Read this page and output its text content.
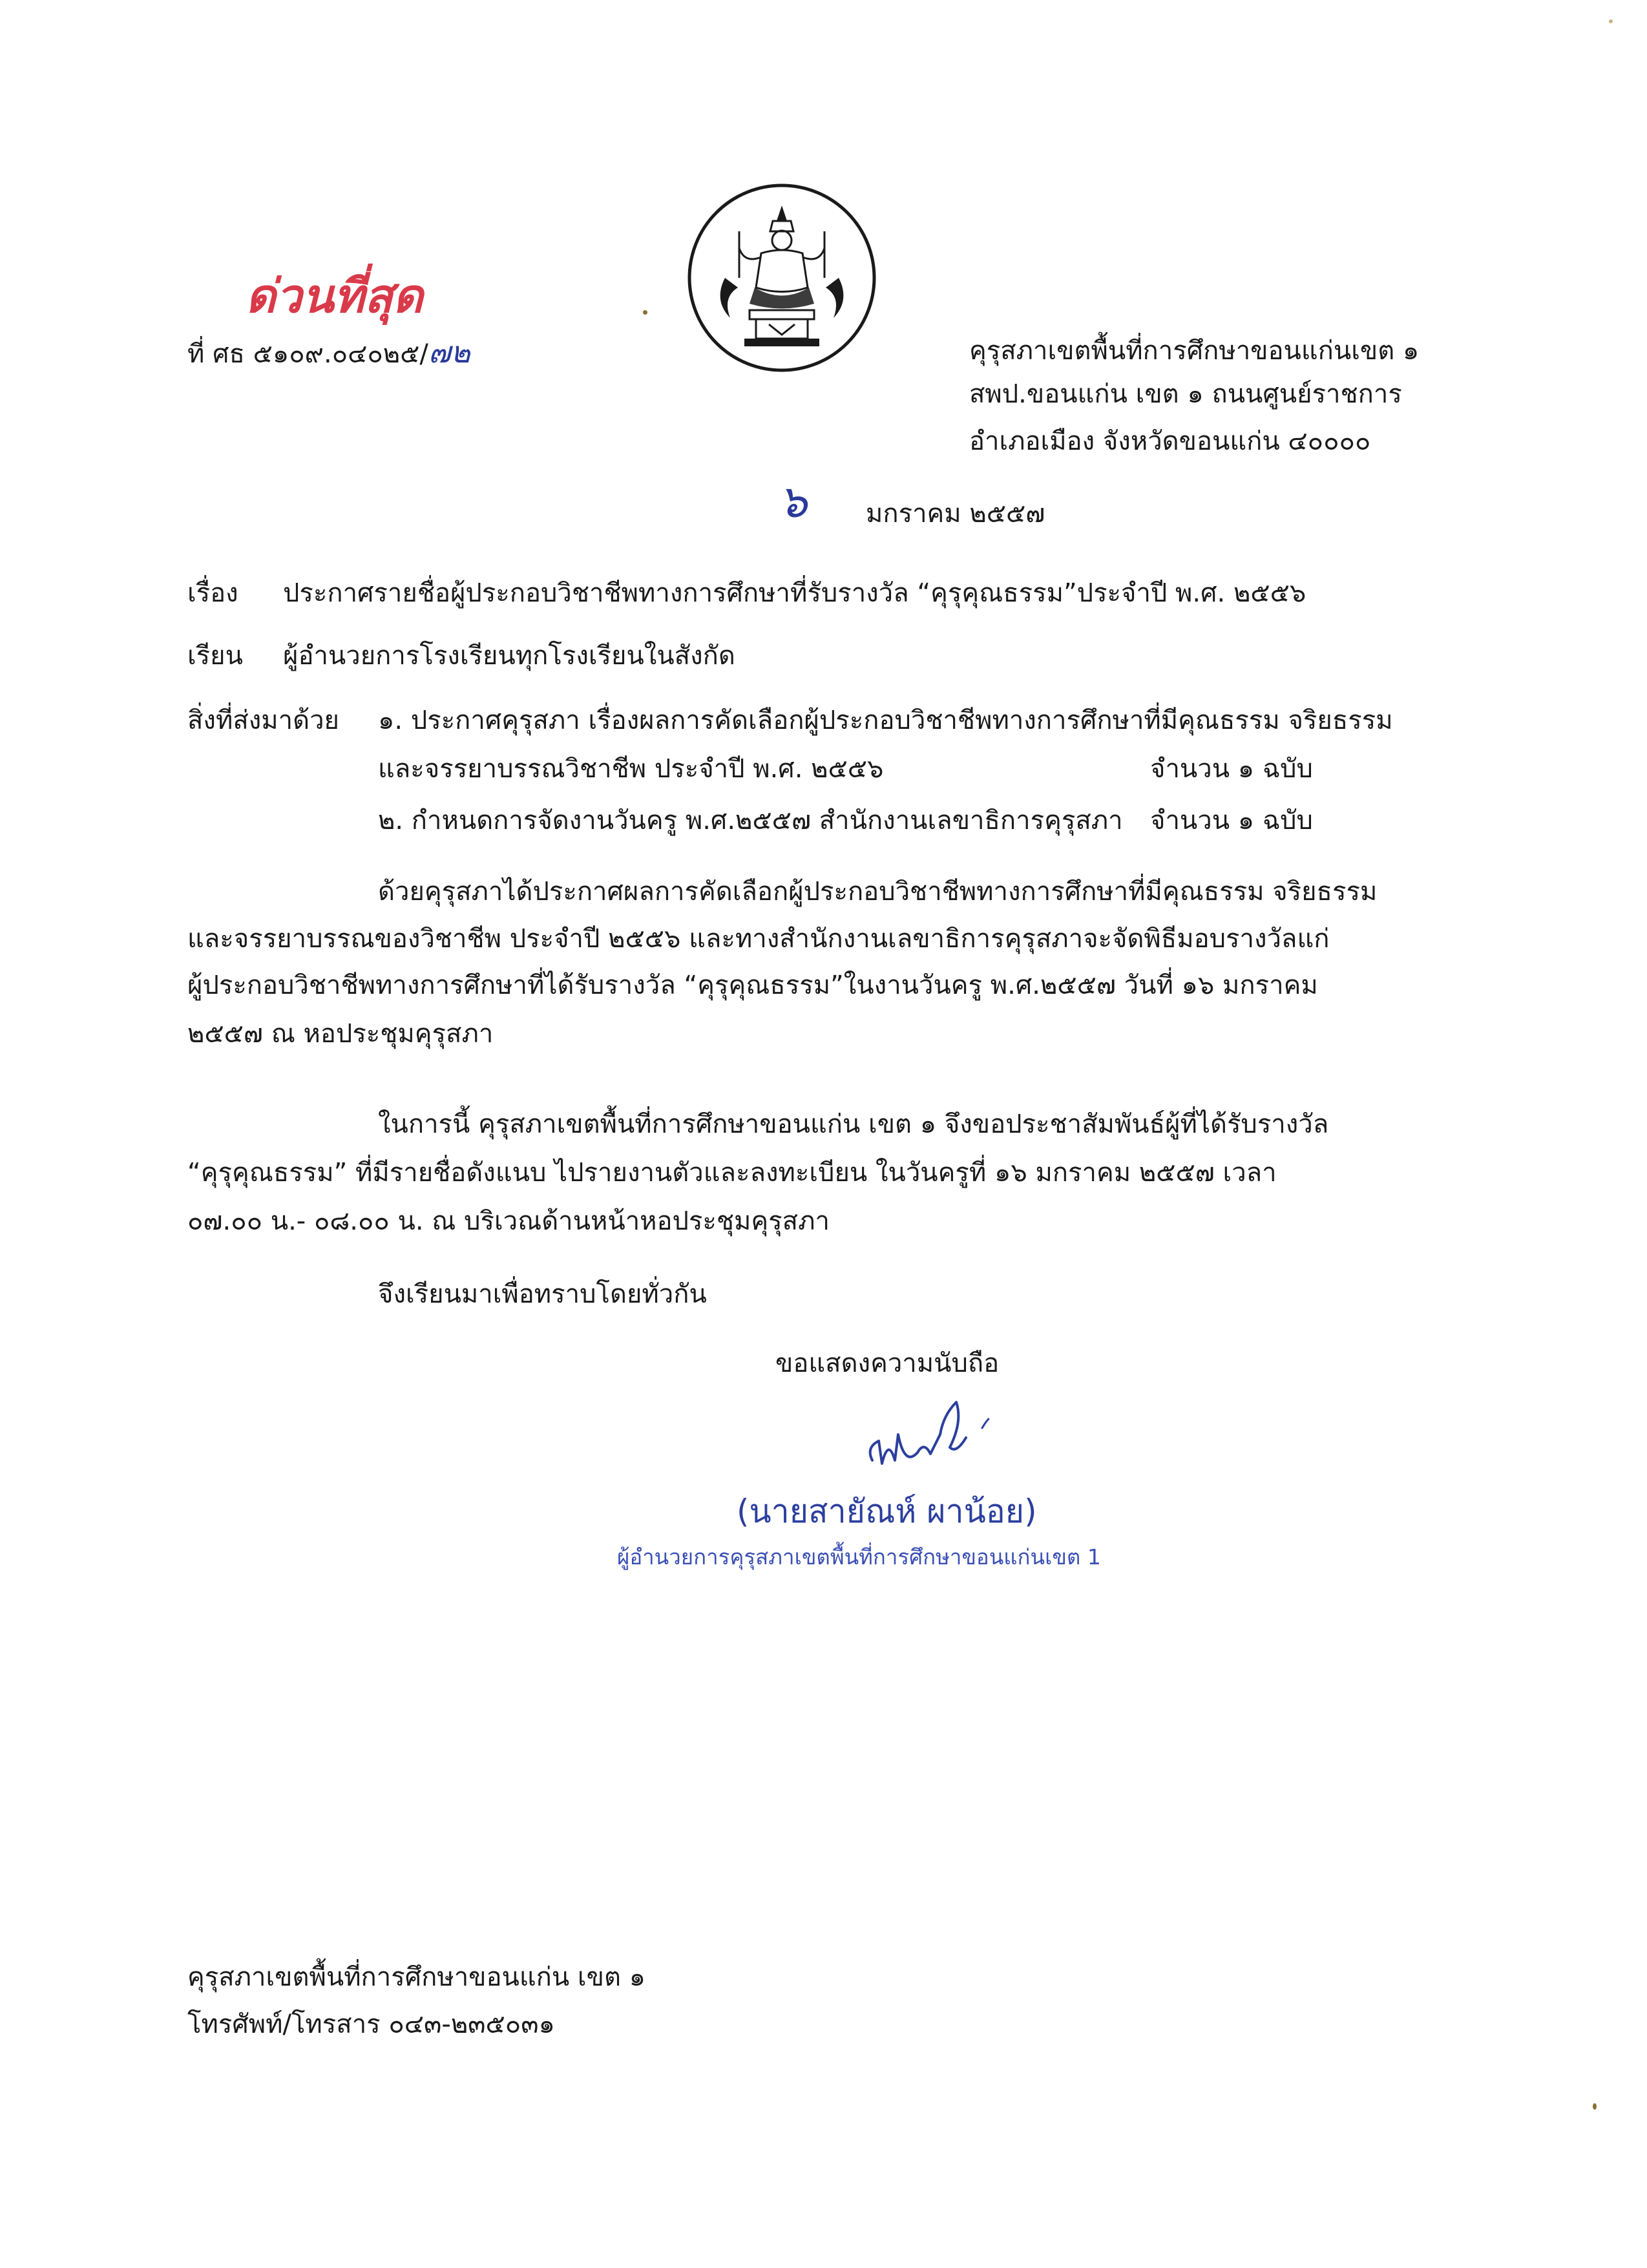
ด่วนที่สุด
ที่ ศธ ๕๑๐๙.๐๔๐๒๕/๗๒	คุรุสภาเขตพื้นที่การศึกษาขอนแก่นเขต ๑
สพป.ขอนแก่น เขต ๑ ถนนศูนย์ราชการ
อำเภอเมือง จังหวัดขอนแก่น ๔๐๐๐๐
๖ มกราคม ๒๕๕๗
เรื่อง ประกาศรายชื่อผู้ประกอบวิชาชีพทางการศึกษาที่รับรางวัล “คุรุคุณธรรม”ประจำปี พ.ศ. ๒๕๕๖
เรียน ผู้อำนวยการโรงเรียนทุกโรงเรียนในสังกัด
สิ่งที่ส่งมาด้วย ๑. ประกาศคุรุสภา เรื่องผลการคัดเลือกผู้ประกอบวิชาชีพทางการศึกษาที่มีคุณธรรม จริยธรรม
และจรรยาบรรณวิชาชีพ ประจำปี พ.ศ. ๒๕๕๖	จำนวน ๑ ฉบับ
๒. กำหนดการจัดงานวันครู พ.ศ.๒๕๕๗ สำนักงานเลขาธิการคุรุสภา จำนวน ๑ ฉบับ
ด้วยคุรุสภาได้ประกาศผลการคัดเลือกผู้ประกอบวิชาชีพทางการศึกษาที่มีคุณธรรม จริยธรรม
และจรรยาบรรณของวิชาชีพ ประจำปี ๒๕๕๖ และทางสำนักงานเลขาธิการคุรุสภาจะจัดพิธีมอบรางวัลแก่
ผู้ประกอบวิชาชีพทางการศึกษาที่ได้รับรางวัล “คุรุคุณธรรม”ในงานวันครู พ.ศ.๒๕๕๗ วันที่ ๑๖ มกราคม
๒๕๕๗ ณ หอประชุมคุรุสภา
ในการนี้ คุรุสภาเขตพื้นที่การศึกษาขอนแก่น เขต ๑ จึงขอประชาสัมพันธ์ผู้ที่ได้รับรางวัล
“คุรุคุณธรรม” ที่มีรายชื่อดังแนบ ไปรายงานตัวและลงทะเบียน ในวันครูที่ ๑๖ มกราคม ๒๕๕๗ เวลา
๐๗.๐๐ น.- ๐๘.๐๐ น. ณ บริเวณด้านหน้าหอประชุมคุรุสภา
จึงเรียนมาเพื่อทราบโดยทั่วกัน
ขอแสดงความนับถือ
(นายสายัณห์ ผาน้อย)
ผู้อำนวยการคุรุสภาเขตพื้นที่การศึกษาขอนแก่นเขต 1
คุรุสภาเขตพื้นที่การศึกษาขอนแก่น เขต ๑
โทรศัพท์/โทรสาร ๐๔๓-๒๓๕๐๓๑
